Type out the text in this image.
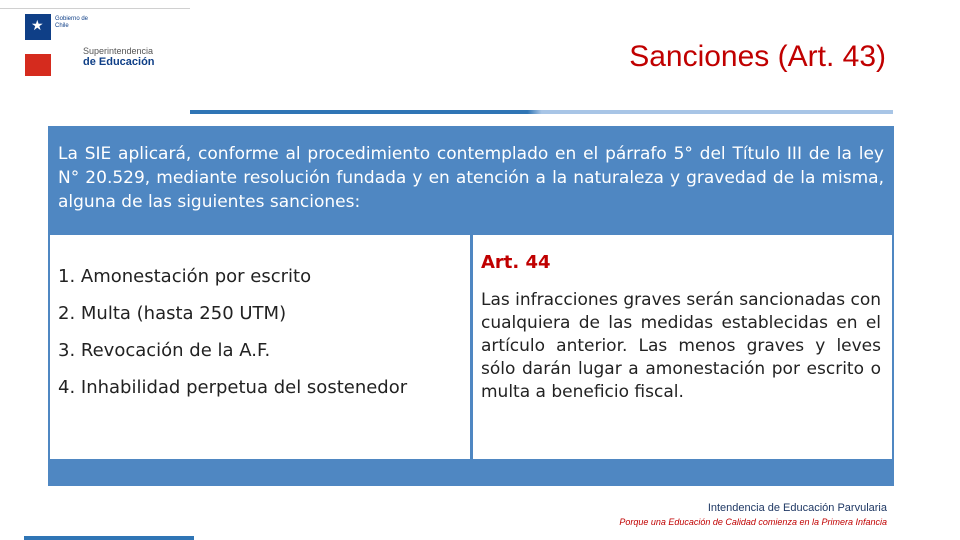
★ Gobierno de Chile
Superintendencia
de Educación	Sanciones (Art. 43)
La SIE aplicará, conforme al procedimiento contemplado en el párrafo 5° del Título III de la ley N° 20.529, mediante resolución fundada y en atención a la naturaleza y gravedad de la misma, alguna de las siguientes sanciones:
1. Amonestación por escrito
2. Multa (hasta 250 UTM)
3. Revocación de la A.F.
4. Inhabilidad perpetua del sostenedor
Art. 44
Las infracciones graves serán sancionadas con cualquiera de las medidas establecidas en el artículo anterior. Las menos graves y leves sólo darán lugar a amonestación por escrito o multa a beneficio fiscal.
Intendencia de Educación Parvularia
Porque una Educación de Calidad comienza en la Primera Infancia
